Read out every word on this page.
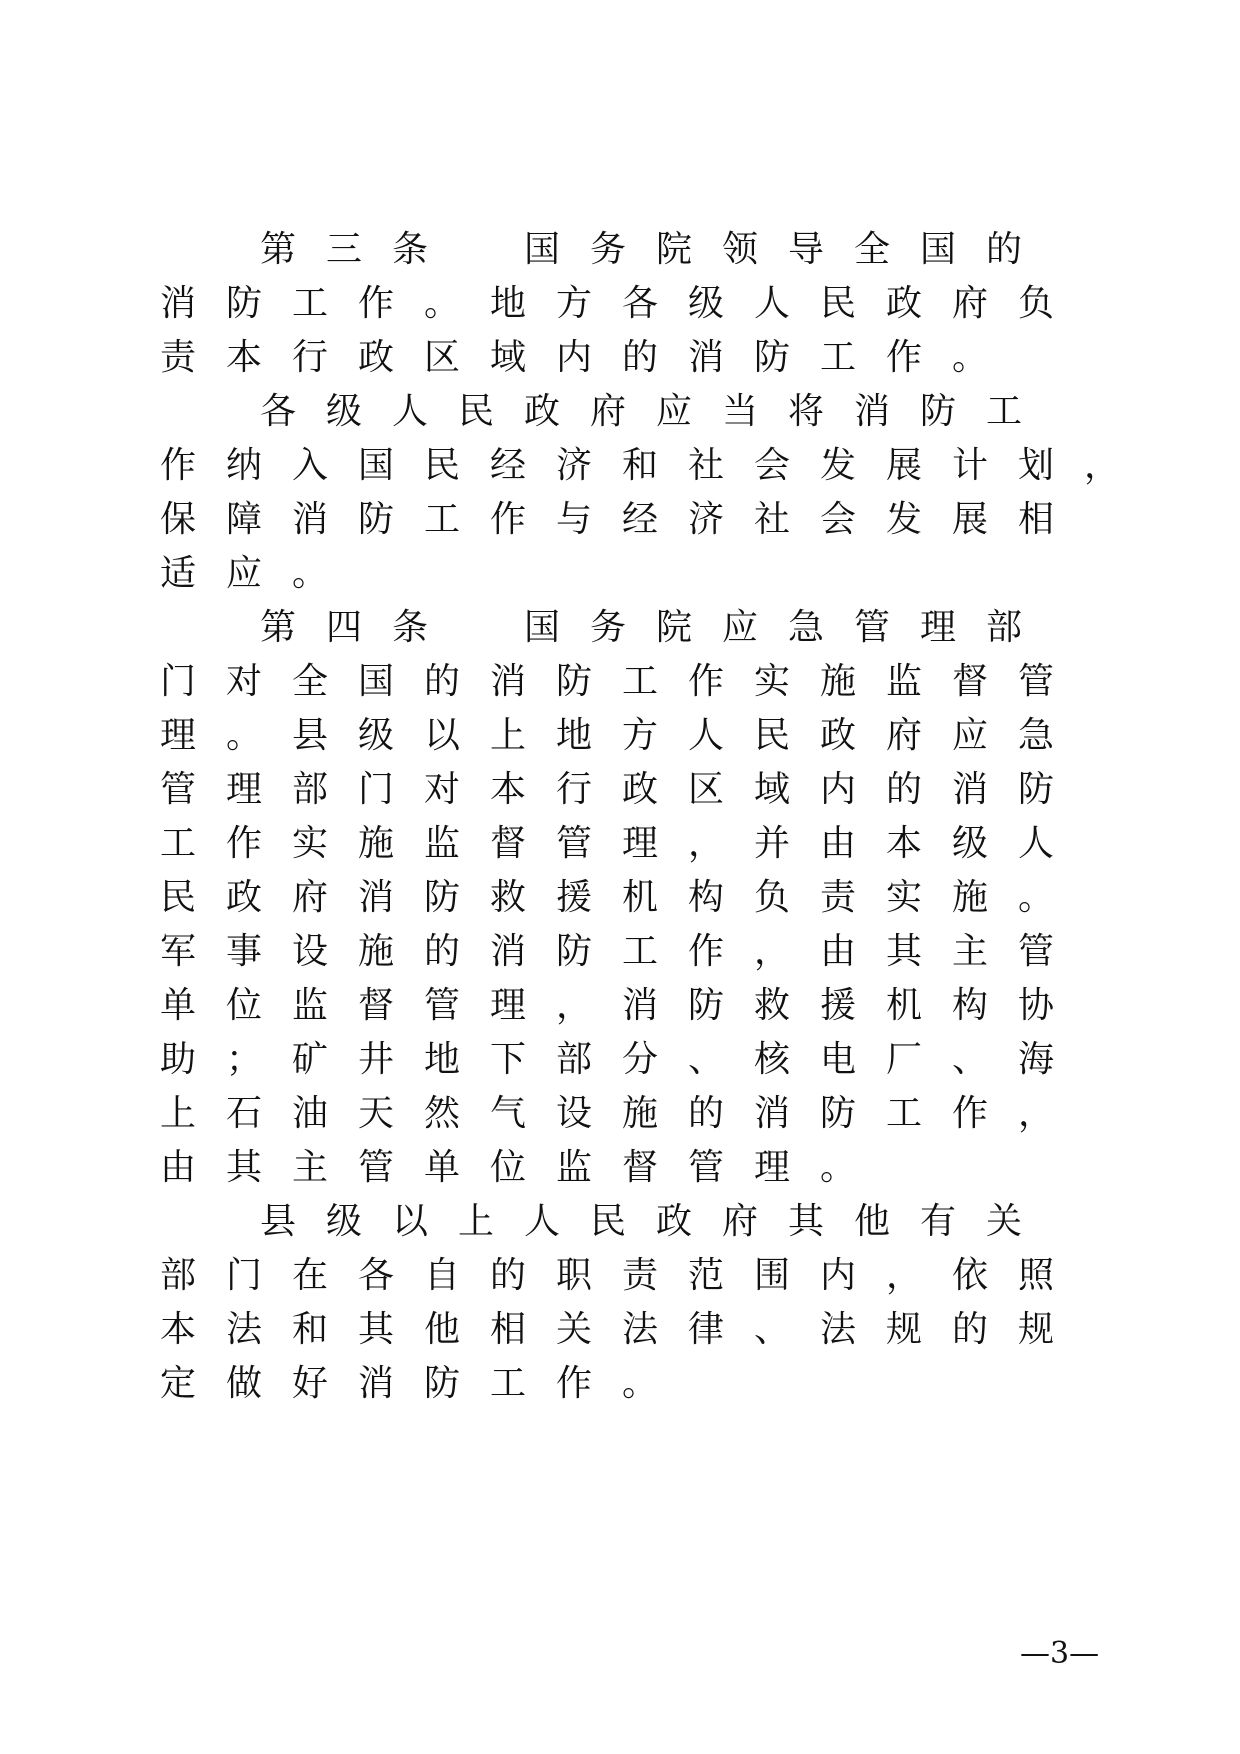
第 三 条　	国 务 院 领 导 全 国 的
消 防 工 作 。 地 方 各 级 人 民 政 府 负
责 本 行 政 区 域 内 的 消 防 工 作 。
各 级 人 民 政 府 应 当 将 消 防 工
作 纳 入 国 民 经 济 和 社 会 发 展 计 划 ，
保 障 消 防 工 作 与 经 济 社 会 发 展 相
适 应 。
第 四 条　	国 务 院 应 急 管 理 部
门 对 全 国 的 消 防 工 作 实 施 监 督 管
理 。 县 级 以 上 地 方 人 民 政 府 应 急
管 理 部 门 对 本 行 政 区 域 内 的 消 防
工 作 实 施 监 督 管 理 ， 并 由 本 级 人
民 政 府 消 防 救 援 机 构 负 责 实 施 。
军 事 设 施 的 消 防 工 作 ， 由 其 主 管
单 位 监 督 管 理 ， 消 防 救 援 机 构 协
助 ； 矿 井 地 下 部 分 、 核 电 厂 、 海
上 石 油 天 然 气 设 施 的 消 防 工 作 ，
由 其 主 管 单 位 监 督 管 理 。
县 级 以 上 人 民 政 府 其 他 有 关
部 门 在 各 自 的 职 责 范 围 内 ， 依 照
本 法 和 其 他 相 关 法 律 、 法 规 的 规
定 做 好 消 防 工 作 。
—3—
